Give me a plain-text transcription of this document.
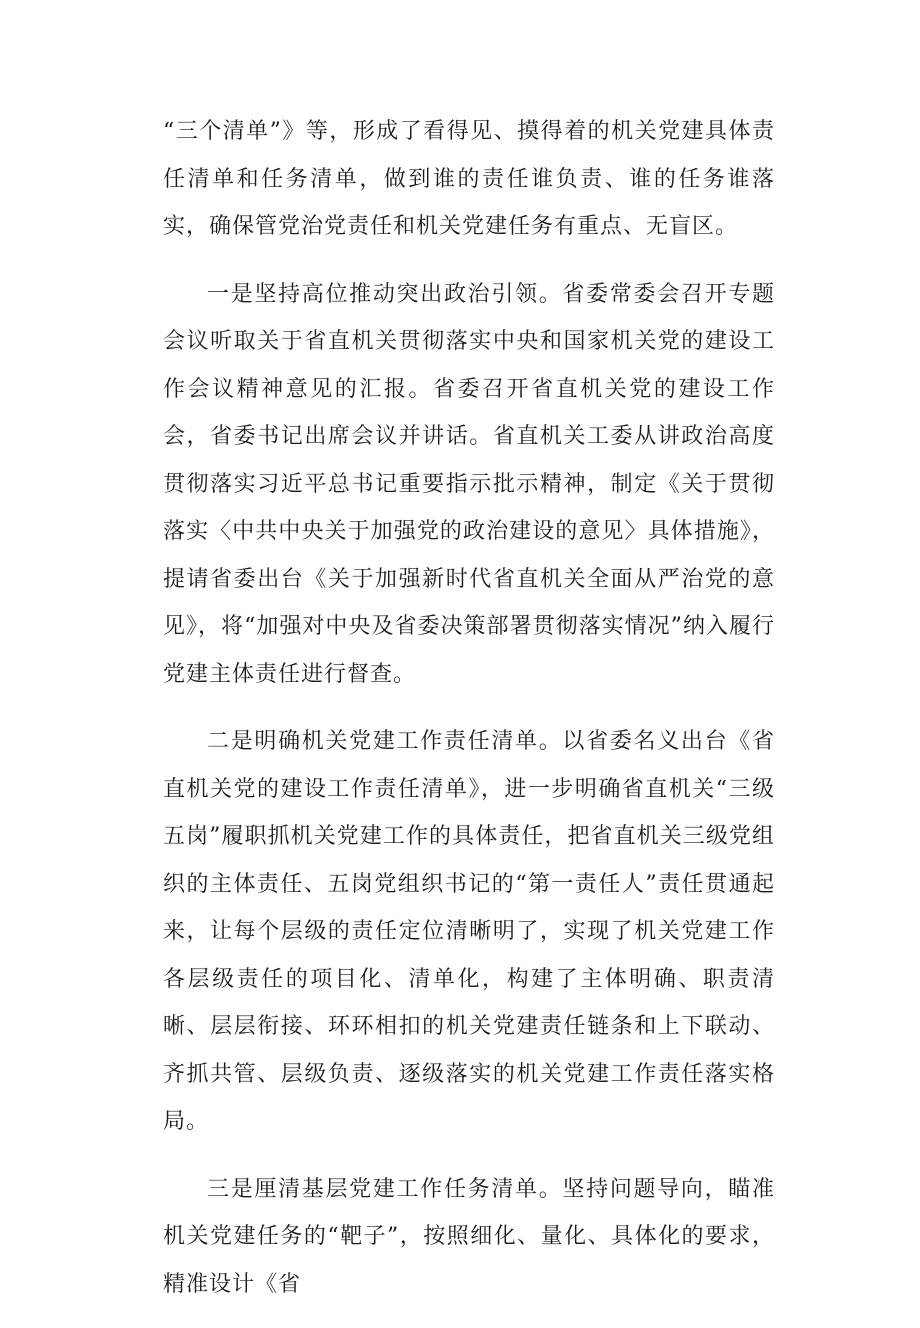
“三个清单”》等，形成了看得见、摸得着的机关党建具体责任清单和任务清单，做到谁的责任谁负责、谁的任务谁落实，确保管党治党责任和机关党建任务有重点、无盲区。

一是坚持高位推动突出政治引领。省委常委会召开专题会议听取关于省直机关贯彻落实中央和国家机关党的建设工作会议精神意见的汇报。省委召开省直机关党的建设工作会，省委书记出席会议并讲话。省直机关工委从讲政治高度贯彻落实习近平总书记重要指示批示精神，制定《关于贯彻落实〈中共中央关于加强党的政治建设的意见〉具体措施》，提请省委出台《关于加强新时代省直机关全面从严治党的意见》，将“加强对中央及省委决策部署贯彻落实情况”纳入履行党建主体责任进行督查。

二是明确机关党建工作责任清单。以省委名义出台《省直机关党的建设工作责任清单》，进一步明确省直机关“三级五岗”履职抓机关党建工作的具体责任，把省直机关三级党组织的主体责任、五岗党组织书记的“第一责任人”责任贯通起来，让每个层级的责任定位清晰明了，实现了机关党建工作各层级责任的项目化、清单化，构建了主体明确、职责清晰、层层衔接、环环相扣的机关党建责任链条和上下联动、齐抓共管、层级负责、逐级落实的机关党建工作责任落实格局。

三是厘清基层党建工作任务清单。坚持问题导向，瞄准机关党建任务的“靶子”，按照细化、量化、具体化的要求，精准设计《省
